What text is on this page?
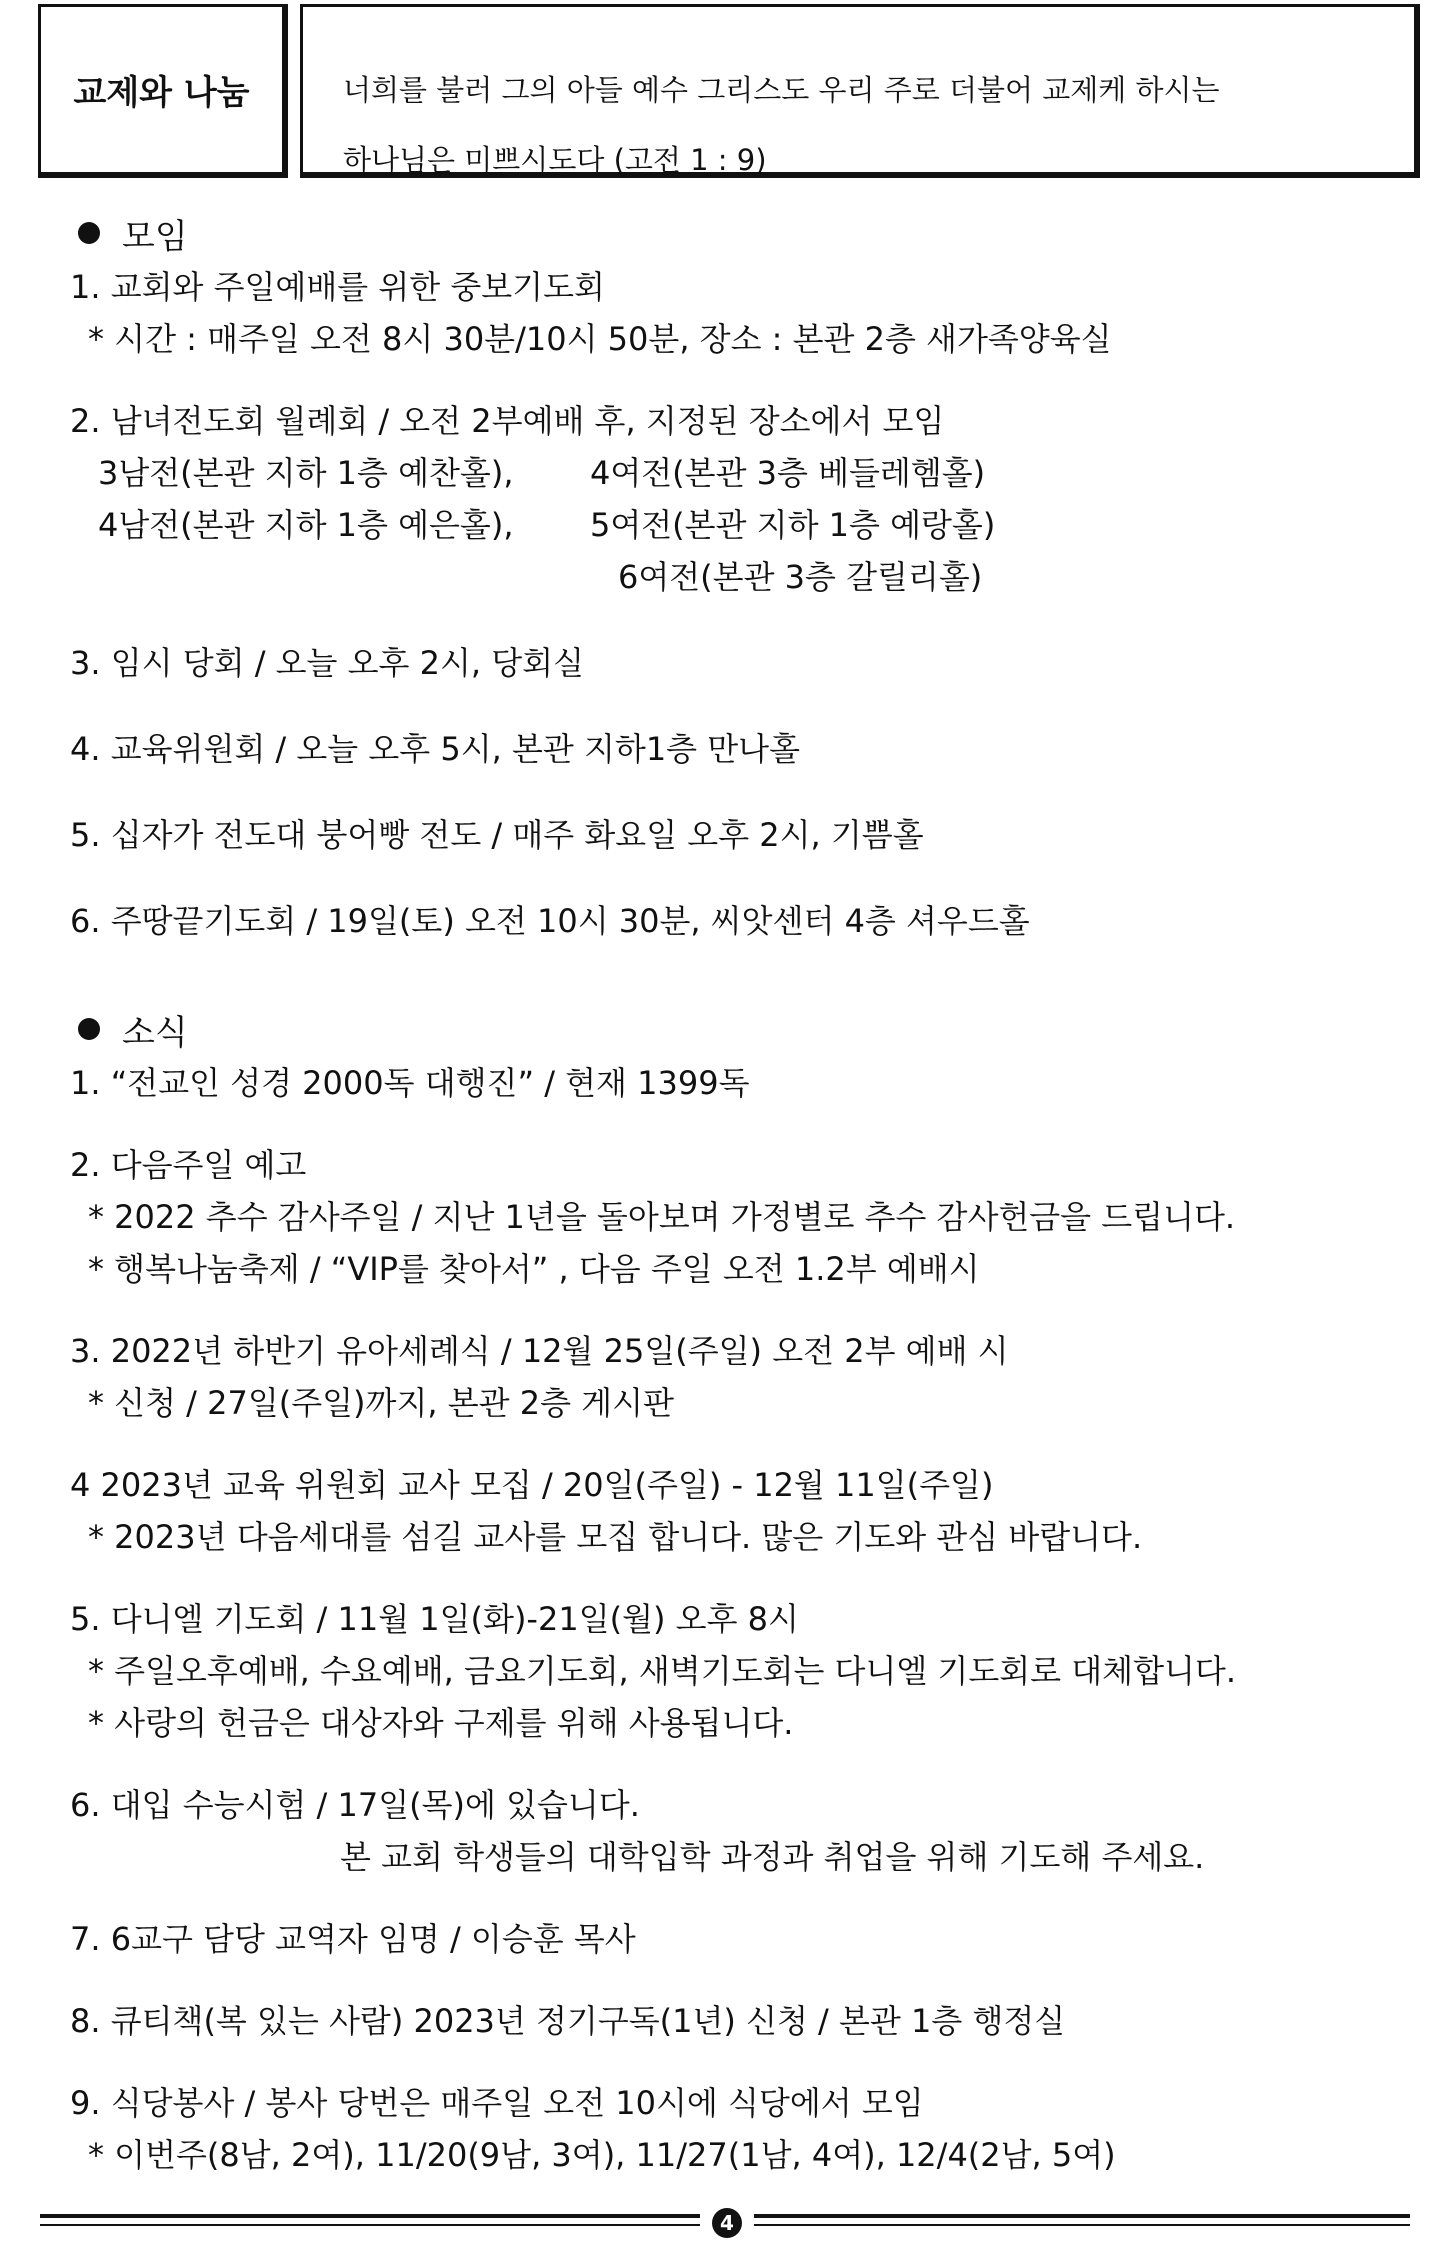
교제와 나눔	너희를 불러 그의 아들 예수 그리스도 우리 주로 더불어 교제케 하시는
하나님은 미쁘시도다 (고전 1 : 9)
모임
1. 교회와 주일예배를 위한 중보기도회
* 시간 : 매주일 오전 8시 30분/10시 50분, 장소 : 본관 2층 새가족양육실
2. 남녀전도회 월례회 / 오전 2부예배 후, 지정된 장소에서 모임
3남전(본관 지하 1층 예찬홀),	4여전(본관 3층 베들레헴홀)
4남전(본관 지하 1층 예은홀),	5여전(본관 지하 1층 예랑홀)
6여전(본관 3층 갈릴리홀)
3. 임시 당회 / 오늘 오후 2시, 당회실
4. 교육위원회 / 오늘 오후 5시, 본관 지하1층 만나홀
5. 십자가 전도대 붕어빵 전도 / 매주 화요일 오후 2시, 기쁨홀
6. 주땅끝기도회 / 19일(토) 오전 10시 30분, 씨앗센터 4층 셔우드홀
소식
1. “전교인 성경 2000독 대행진” / 현재 1399독
2. 다음주일 예고
* 2022 추수 감사주일 / 지난 1년을 돌아보며 가정별로 추수 감사헌금을 드립니다.
* 행복나눔축제 / “VIP를 찾아서” , 다음 주일 오전 1.2부 예배시
3. 2022년 하반기 유아세례식 / 12월 25일(주일) 오전 2부 예배 시
* 신청 / 27일(주일)까지, 본관 2층 게시판
4 2023년 교육 위원회 교사 모집 / 20일(주일) - 12월 11일(주일)
* 2023년 다음세대를 섬길 교사를 모집 합니다. 많은 기도와 관심 바랍니다.
5. 다니엘 기도회 / 11월 1일(화)-21일(월) 오후 8시
* 주일오후예배, 수요예배, 금요기도회, 새벽기도회는 다니엘 기도회로 대체합니다.
* 사랑의 헌금은 대상자와 구제를 위해 사용됩니다.
6. 대입 수능시험 / 17일(목)에 있습니다.
본 교회 학생들의 대학입학 과정과 취업을 위해 기도해 주세요.
7. 6교구 담당 교역자 임명 / 이승훈 목사
8. 큐티책(복 있는 사람) 2023년 정기구독(1년) 신청 / 본관 1층 행정실
9. 식당봉사 / 봉사 당번은 매주일 오전 10시에 식당에서 모임
* 이번주(8남, 2여), 11/20(9남, 3여), 11/27(1남, 4여), 12/4(2남, 5여)
4
